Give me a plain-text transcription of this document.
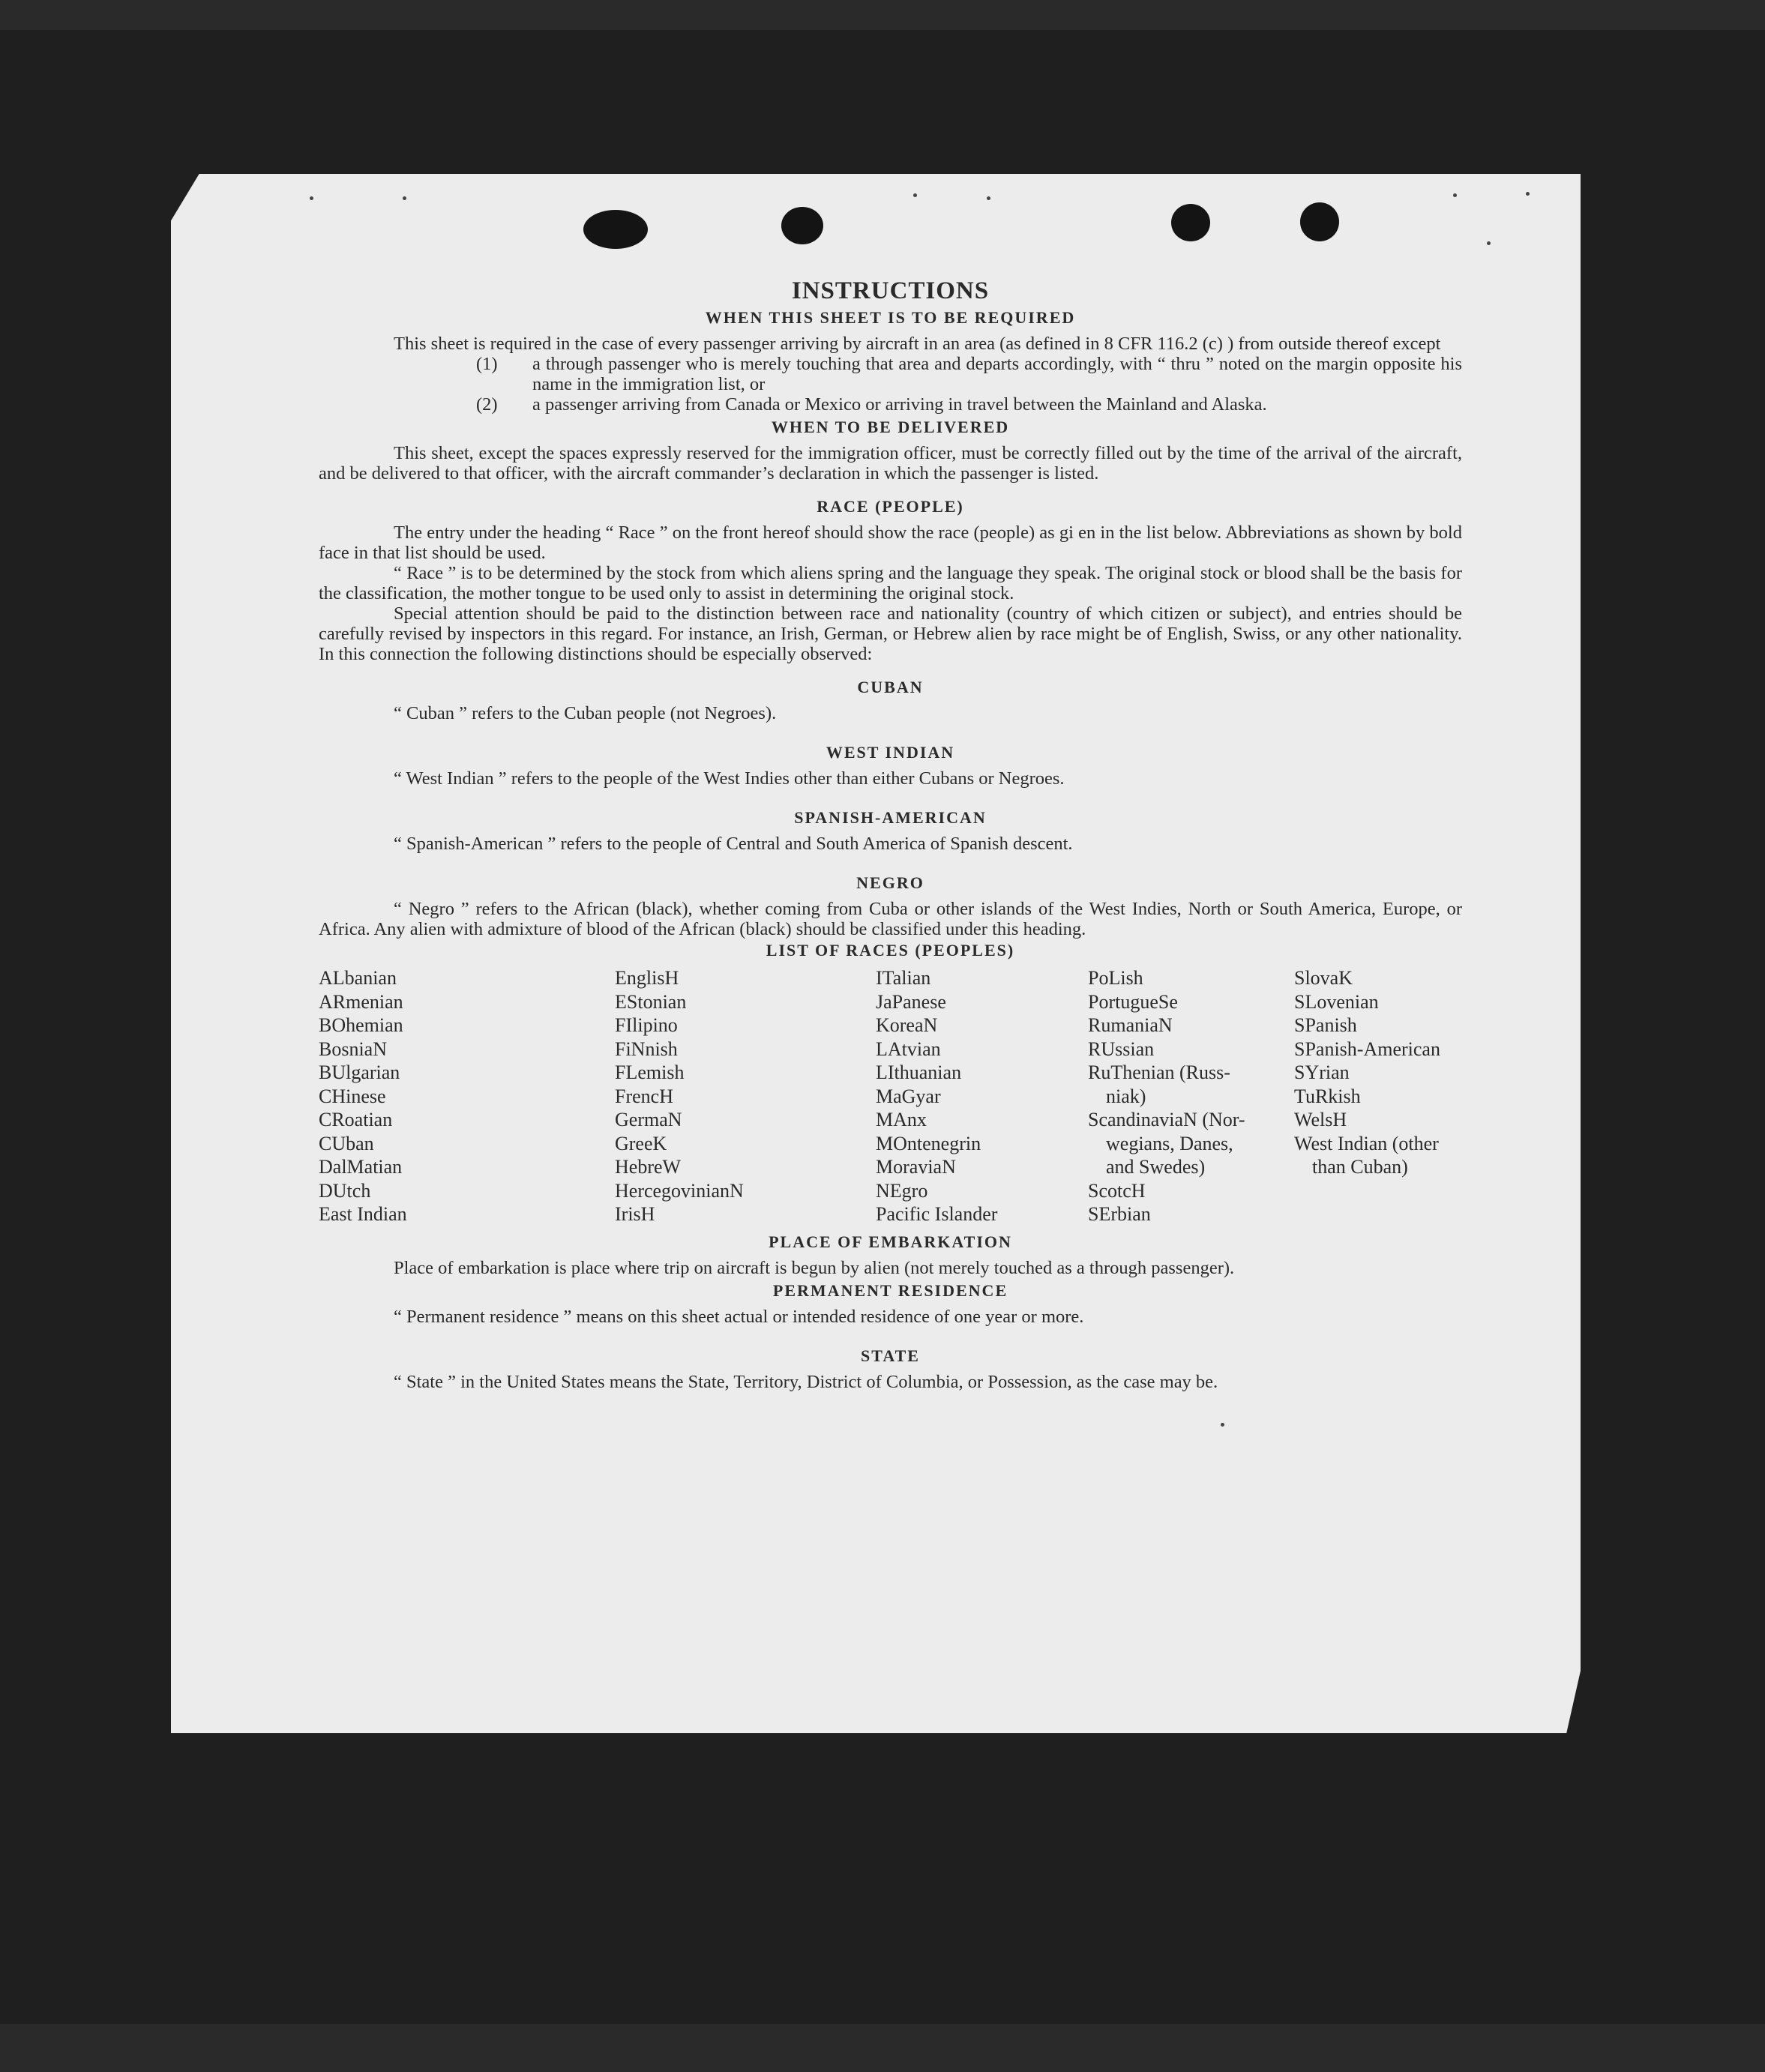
INSTRUCTIONS
WHEN THIS SHEET IS TO BE REQUIRED

This sheet is required in the case of every passenger arriving by aircraft in an area (as defined in 8 CFR 116.2 (c) ) from outside thereof except

(1)	a through passenger who is merely touching that area and departs accordingly, with “ thru ” noted on the margin opposite his name in the immigration list, or
(2)	a passenger arriving from Canada or Mexico or arriving in travel between the Mainland and Alaska.
WHEN TO BE DELIVERED

This sheet, except the spaces expressly reserved for the immigration officer, must be correctly filled out by the time of the arrival of the aircraft, and be delivered to that officer, with the aircraft commander’s declaration in which the passenger is listed.

RACE (PEOPLE)

The entry under the heading “ Race ” on the front hereof should show the race (people) as gi en in the list below. Abbreviations as shown by bold face in that list should be used.

“ Race ” is to be determined by the stock from which aliens spring and the language they speak. The original stock or blood shall be the basis for the classification, the mother tongue to be used only to assist in determining the original stock.

Special attention should be paid to the distinction between race and nationality (country of which citizen or subject), and entries should be carefully revised by inspectors in this regard. For instance, an Irish, German, or Hebrew alien by race might be of English, Swiss, or any other nationality. In this connection the following distinctions should be especially observed:

CUBAN
“ Cuban ” refers to the Cuban people (not Negroes).
WEST INDIAN
“ West Indian ” refers to the people of the West Indies other than either Cubans or Negroes.
SPANISH-AMERICAN
“ Spanish-American ” refers to the people of Central and South America of Spanish descent.
NEGRO

“ Negro ” refers to the African (black), whether coming from Cuba or other islands of the West Indies, North or South America, Europe, or Africa. Any alien with admixture of blood of the African (black) should be classified under this heading.

LIST OF RACES (PEOPLES)
ALbanian
ARmenian
BOhemian
BosniaN
BUlgarian
CHinese
CRoatian
CUban
DalMatian
DUtch
East Indian
EnglisH
EStonian
FIlipino
FiNnish
FLemish
FrencH
GermaN
GreeK
HebreW
HercegovinianN
IrisH
ITalian
JaPanese
KoreaN
LAtvian
LIthuanian
MaGyar
MAnx
MOntenegrin
MoraviaN
NEgro
Pacific Islander
PoLish
PortugueSe
RumaniaN
RUssian
RuThenian (Russ-
niak)
ScandinaviaN (Nor-
wegians, Danes,
and Swedes)
ScotcH
SErbian
SlovaK
SLovenian
SPanish
SPanish-American
SYrian
TuRkish
WelsH
West Indian (other
than Cuban)
PLACE OF EMBARKATION

Place of embarkation is place where trip on aircraft is begun by alien (not merely touched as a through passenger).

PERMANENT RESIDENCE
“ Permanent residence ” means on this sheet actual or intended residence of one year or more.
STATE

“ State ” in the United States means the State, Territory, District of Columbia, or Possession, as the case may be.
